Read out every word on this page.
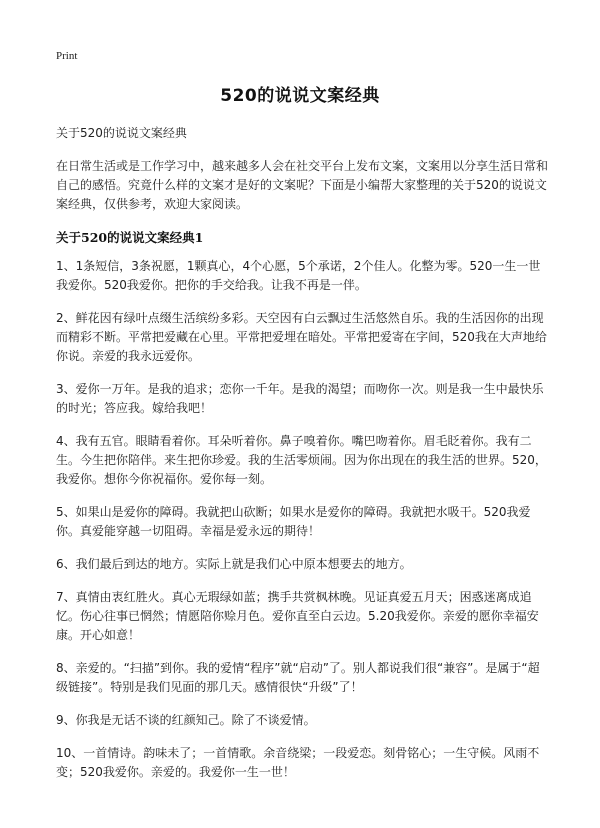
Print
520的说说文案经典

关于520的说说文案经典

在日常生活或是工作学习中，越来越多人会在社交平台上发布文案，文案用以分享生活日常和自己的感悟。究竟什么样的文案才是好的文案呢？下面是小编帮大家整理的关于520的说说文案经典，仅供参考，欢迎大家阅读。

关于520的说说文案经典1

1、1条短信，3条祝愿，1颗真心，4个心愿，5个承诺，2个佳人。化整为零。520一生一世我爱你。520我爱你。把你的手交给我。让我不再是一伴。

2、鲜花因有绿叶点缀生活缤纷多彩。天空因有白云飘过生活悠然自乐。我的生活因你的出现而精彩不断。平常把爱藏在心里。平常把爱埋在暗处。平常把爱寄在字间，520我在大声地给你说。亲爱的我永远爱你。

3、爱你一万年。是我的追求；恋你一千年。是我的渴望；而吻你一次。则是我一生中最快乐的时光；答应我。嫁给我吧！

4、我有五官。眼睛看着你。耳朵听着你。鼻子嗅着你。嘴巴吻着你。眉毛眨着你。我有二生。今生把你陪伴。来生把你珍爱。我的生活零烦闹。因为你出现在的我生活的世界。520，我爱你。想你今你祝福你。爱你每一刻。

5、如果山是爱你的障碍。我就把山砍断；如果水是爱你的障碍。我就把水吸干。520我爱你。真爱能穿越一切阻碍。幸福是爱永远的期待！

6、我们最后到达的地方。实际上就是我们心中原本想要去的地方。

7、真情由衷红胜火。真心无瑕绿如蓝；携手共赏枫林晚。见证真爱五月天；困惑迷离成追忆。伤心往事已惘然；情愿陪你赊月色。爱你直至白云边。5.20我爱你。亲爱的愿你幸福安康。开心如意！

8、亲爱的。“扫描”到你。我的爱情“程序”就“启动”了。别人都说我们很“兼容”。是属于“超级链接”。特别是我们见面的那几天。感情很快“升级”了！

9、你我是无话不谈的红颜知己。除了不谈爱情。

10、一首情诗。韵味未了；一首情歌。余音绕梁；一段爱恋。刻骨铭心；一生守候。风雨不变；520我爱你。亲爱的。我爱你一生一世！
